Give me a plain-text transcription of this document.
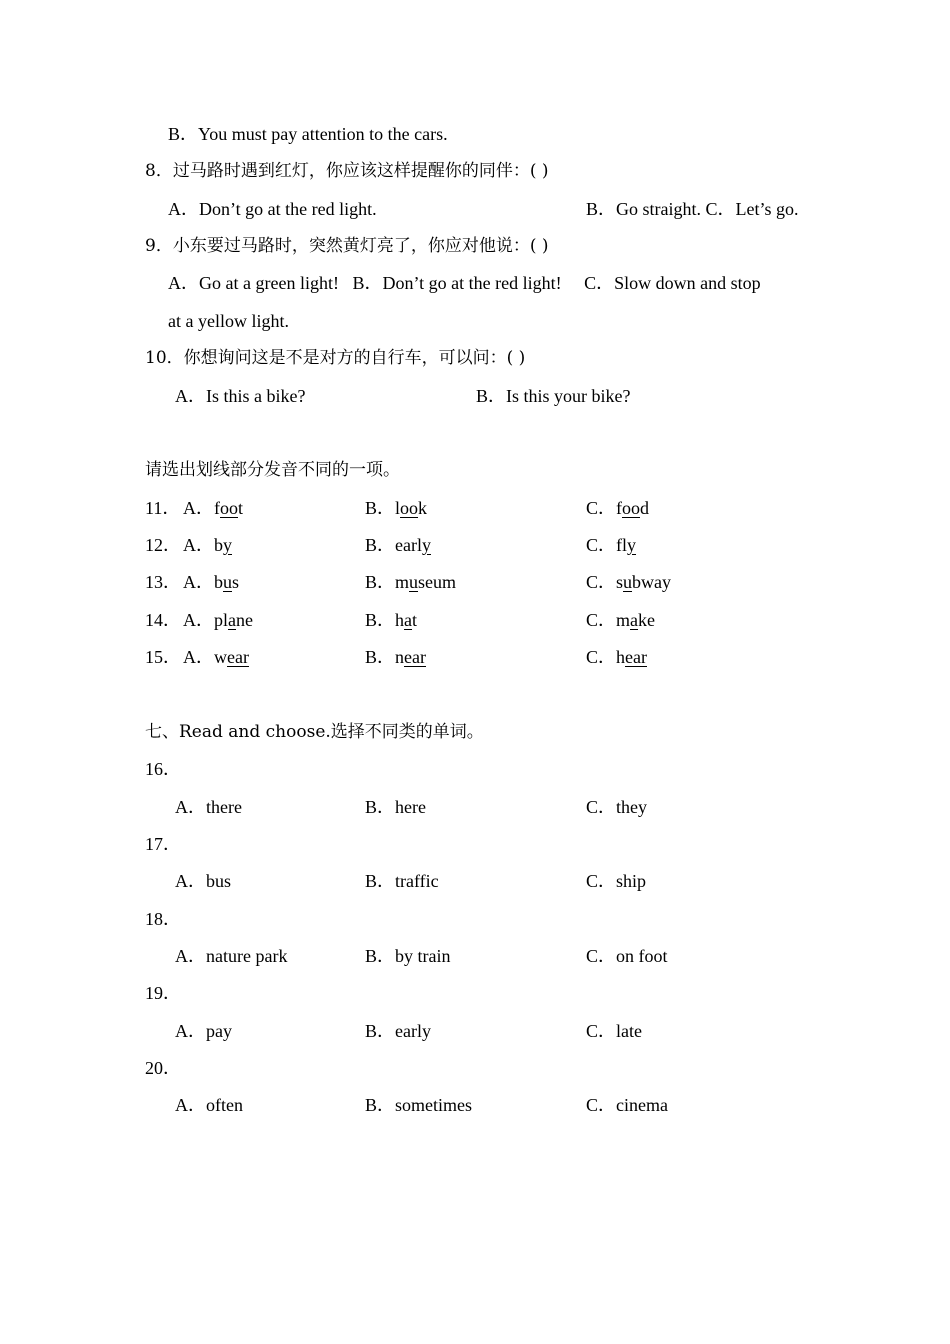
B．You must pay attention to the cars.
8．过马路时遇到红灯，你应该这样提醒你的同伴：( )
A．Don’t go at the red light.	B．Go straight. C．Let’s go.
9．小东要过马路时，突然黄灯亮了，你应对他说：( )
A．Go at a green light!   B．Don’t go at the red light!     C．Slow down and stop
at a yellow light.
10．你想询问这是不是对方的自行车，可以问：( )
A．Is this a bike?	B．Is this your bike?
请选出划线部分发音不同的一项。
11． A．foot	B．look	C．food
12． A．by	B．early	C．fly
13． A．bus	B．museum	C．subway
14． A．plane	B．hat	C．make
15． A．wear	B．near	C．hear
七、Read and choose.选择不同类的单词。
16．
A．there	B．here	C．they
17．
A．bus	B．traffic	C．ship
18．
A．nature park	B．by train	C．on foot
19．
A．pay	B．early	C．late
20．
A．often	B．sometimes	C．cinema
